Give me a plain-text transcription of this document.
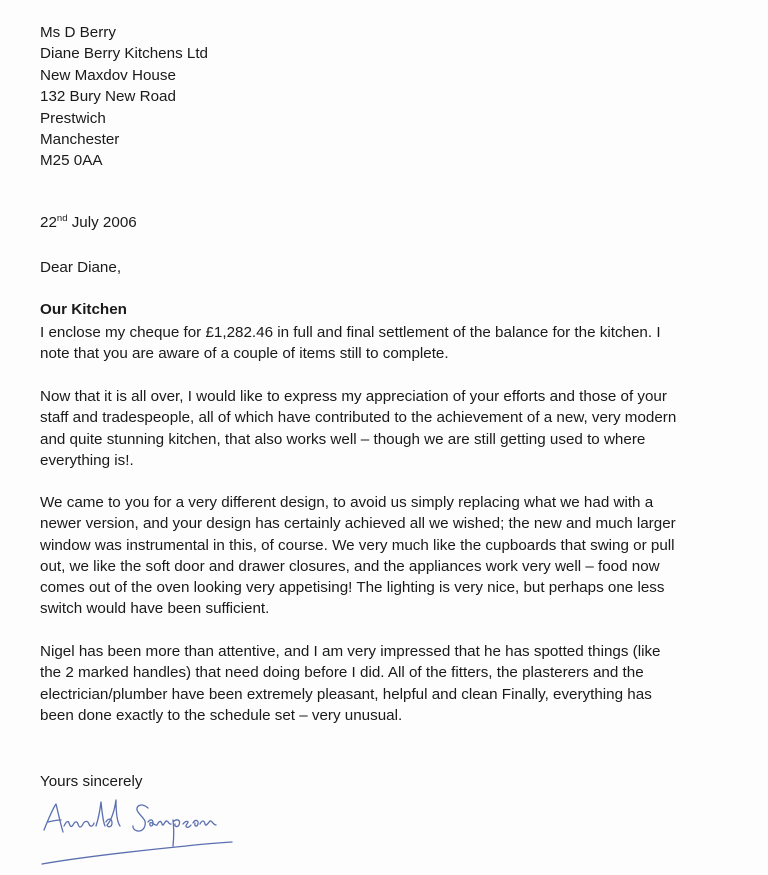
Ms D Berry
Diane Berry Kitchens Ltd
New Maxdov House
132 Bury New Road
Prestwich
Manchester
M25 0AA
22nd July 2006
Dear Diane,
Our Kitchen
I enclose my cheque for £1,282.46 in full and final settlement of the balance for the kitchen. I
note that you are aware of a couple of items still to complete.
Now that it is all over, I would like to express my appreciation of your efforts and those of your
staff and tradespeople, all of which have contributed to the achievement of a new, very modern
and quite stunning kitchen, that also works well – though we are still getting used to where
everything is!.
We came to you for a very different design, to avoid us simply replacing what we had with a
newer version, and your design has certainly achieved all we wished; the new and much larger
window was instrumental in this, of course. We very much like the cupboards that swing or pull
out, we like the soft door and drawer closures, and the appliances work very well – food now
comes out of the oven looking very appetising! The lighting is very nice, but perhaps one less
switch would have been sufficient.
Nigel has been more than attentive, and I am very impressed that he has spotted things (like
the 2 marked handles) that need doing before I did. All of the fitters, the plasterers and the
electrician/plumber have been extremely pleasant, helpful and clean Finally, everything has
been done exactly to the schedule set – very unusual.
Yours sincerely
